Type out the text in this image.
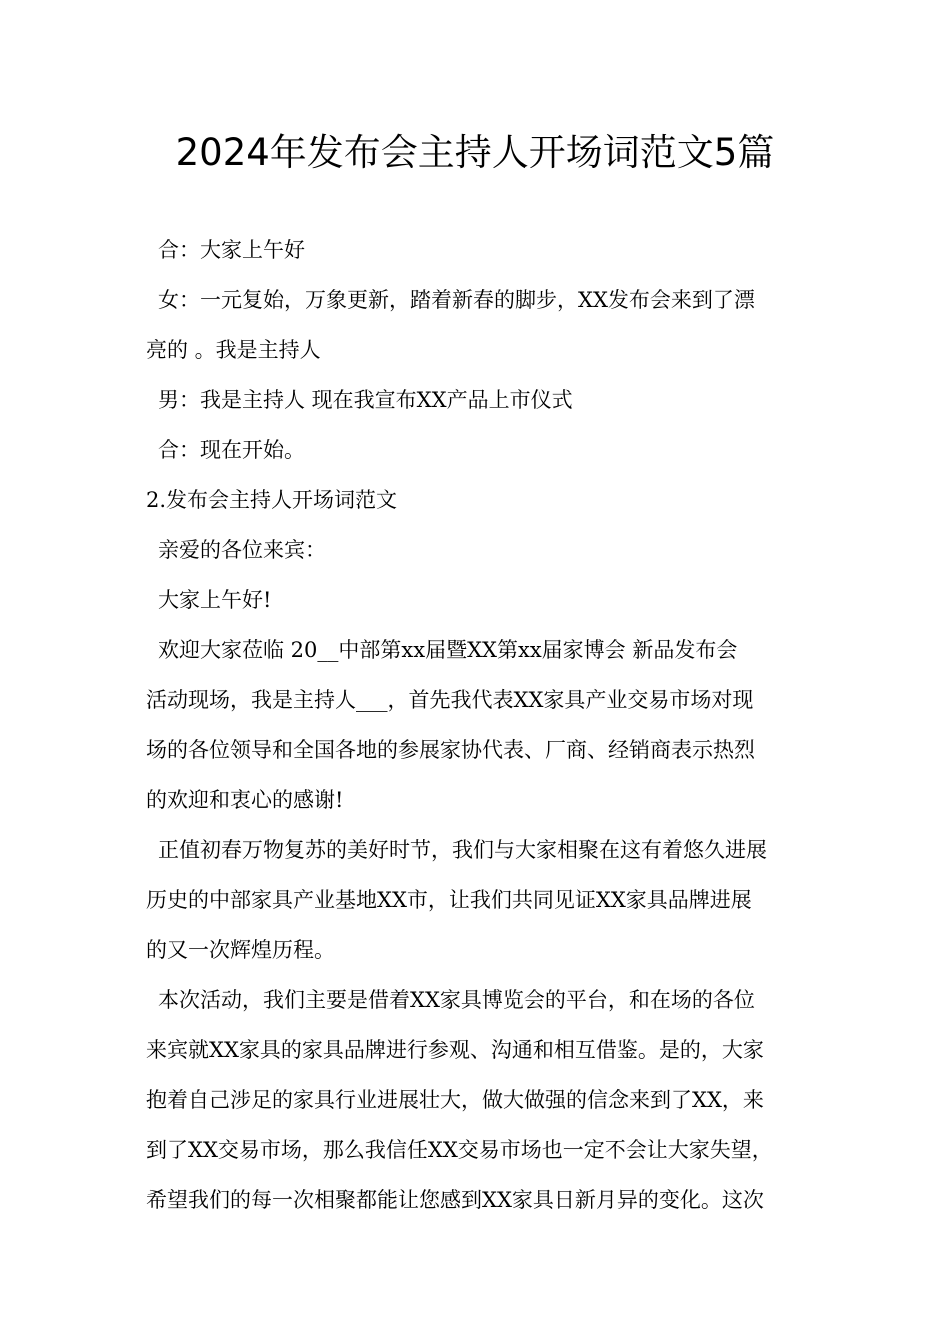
2024年发布会主持人开场词范文5篇
合：大家上午好
女：一元复始，万象更新，踏着新春的脚步，XX发布会来到了漂
亮的 。我是主持人
男：我是主持人 现在我宣布XX产品上市仪式
合：现在开始。
2.发布会主持人开场词范文
亲爱的各位来宾：
大家上午好!
欢迎大家莅临 20__中部第xx届暨XX第xx届家博会 新品发布会
活动现场，我是主持人___，首先我代表XX家具产业交易市场对现
场的各位领导和全国各地的参展家协代表、厂商、经销商表示热烈
的欢迎和衷心的感谢!
正值初春万物复苏的美好时节，我们与大家相聚在这有着悠久进展
历史的中部家具产业基地XX市，让我们共同见证XX家具品牌进展
的又一次辉煌历程。
本次活动，我们主要是借着XX家具博览会的平台，和在场的各位
来宾就XX家具的家具品牌进行参观、沟通和相互借鉴。是的，大家
抱着自己涉足的家具行业进展壮大，做大做强的信念来到了XX，来
到了XX交易市场，那么我信任XX交易市场也一定不会让大家失望，
希望我们的每一次相聚都能让您感到XX家具日新月异的变化。这次
